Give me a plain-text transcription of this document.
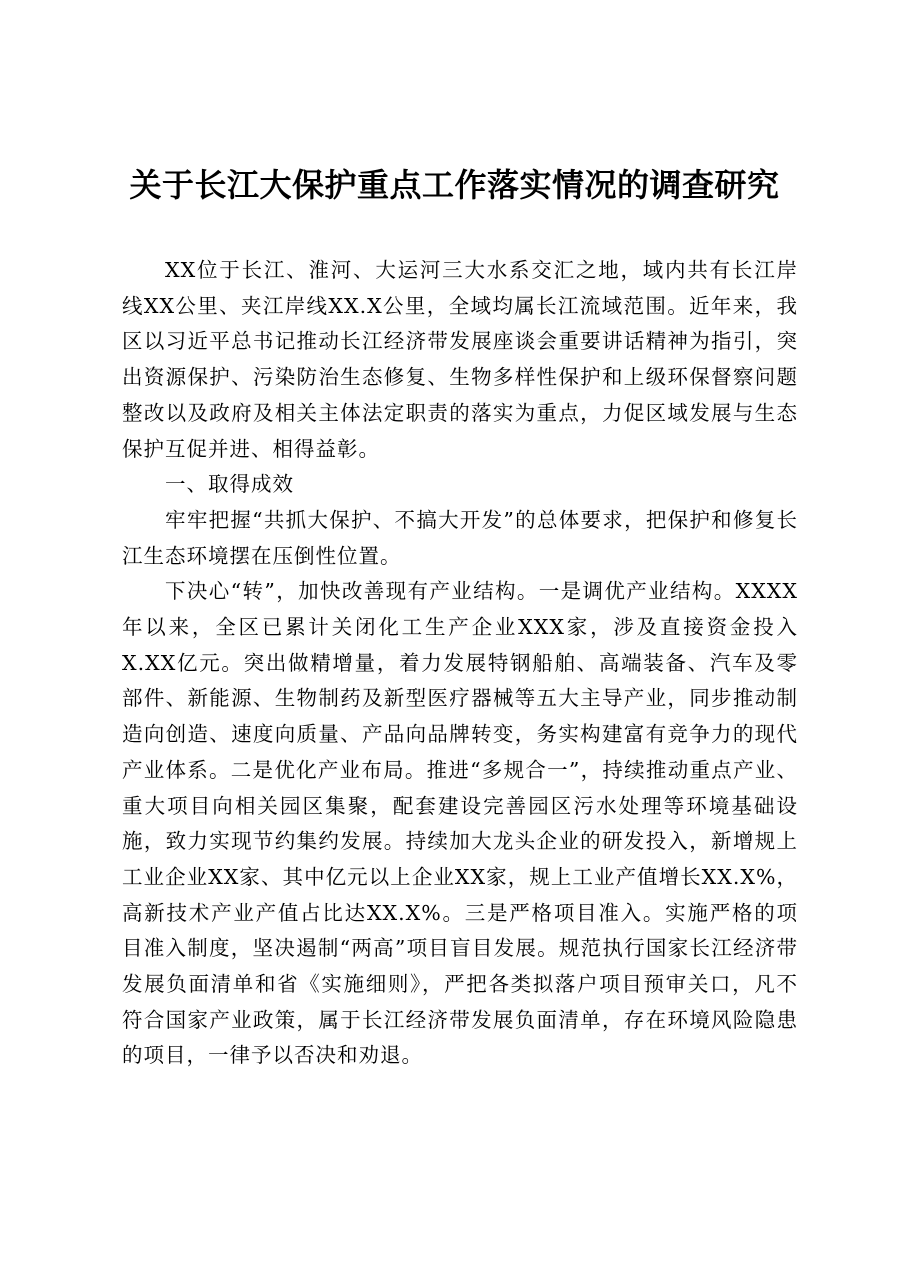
关于长江大保护重点工作落实情况的调查研究

XX位于长江、淮河、大运河三大水系交汇之地，域内共有长江岸线XX公里、夹江岸线XX.X公里，全域均属长江流域范围。近年来，我区以习近平总书记推动长江经济带发展座谈会重要讲话精神为指引，突出资源保护、污染防治生态修复、生物多样性保护和上级环保督察问题整改以及政府及相关主体法定职责的落实为重点，力促区域发展与生态保护互促并进、相得益彰。

一、取得成效

牢牢把握“共抓大保护、不搞大开发”的总体要求，把保护和修复长江生态环境摆在压倒性位置。

下决心“转”，加快改善现有产业结构。一是调优产业结构。XXXX年以来，全区已累计关闭化工生产企业XXX家，涉及直接资金投入X.XX亿元。突出做精增量，着力发展特钢船舶、高端装备、汽车及零部件、新能源、生物制药及新型医疗器械等五大主导产业，同步推动制造向创造、速度向质量、产品向品牌转变，务实构建富有竞争力的现代产业体系。二是优化产业布局。推进“多规合一”，持续推动重点产业、重大项目向相关园区集聚，配套建设完善园区污水处理等环境基础设施，致力实现节约集约发展。持续加大龙头企业的研发投入，新增规上工业企业XX家、其中亿元以上企业XX家，规上工业产值增长XX.X%，高新技术产业产值占比达XX.X%。三是严格项目准入。实施严格的项目准入制度，坚决遏制“两高”项目盲目发展。规范执行国家长江经济带发展负面清单和省《实施细则》，严把各类拟落户项目预审关口，凡不符合国家产业政策，属于长江经济带发展负面清单，存在环境风险隐患的项目，一律予以否决和劝退。
